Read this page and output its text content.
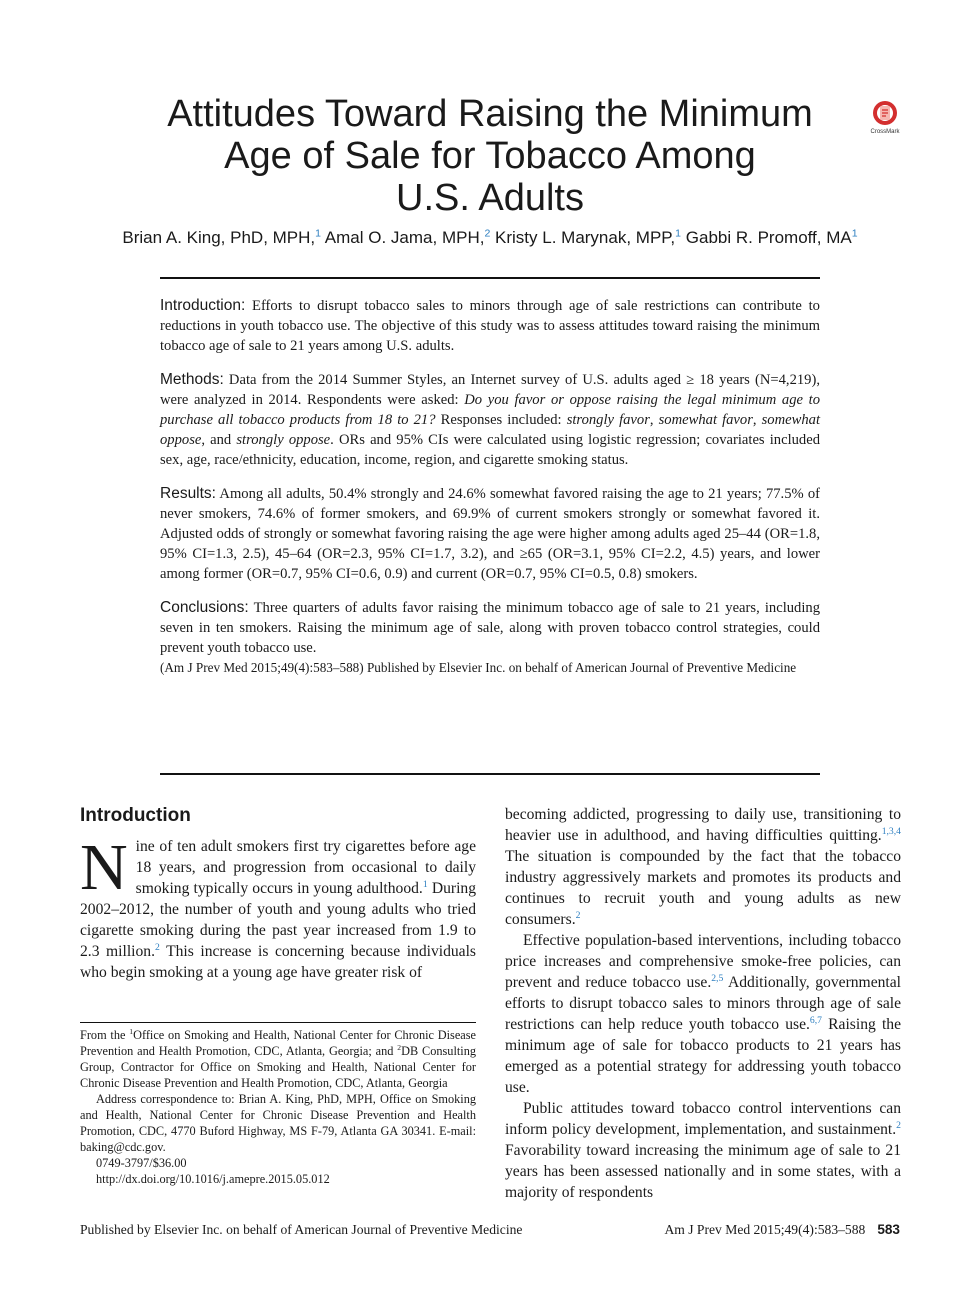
Attitudes Toward Raising the Minimum
Age of Sale for Tobacco Among
U.S. Adults
CrossMark
Brian A. King, PhD, MPH,$^1$ Amal O. Jama, MPH,$^2$ Kristy L. Marynak, MPP,$^1$ Gabbi R. Promoff, $MA^1$

Introduction: Efforts to disrupt tobacco sales to minors through age of sale restrictions can contribute to reductions in youth tobacco use. The objective of this study was to assess attitudes toward raising the minimum tobacco age of sale to 21 years among U.S. adults.

Methods: Data from the 2014 Summer Styles, an Internet survey of U.S. adults aged ≥ 18 years (N=4,219), were analyzed in 2014. Respondents were asked: Do you favor or oppose raising the legal minimum age to purchase all tobacco products from 18 to 21? Responses included: strongly favor, somewhat favor, somewhat oppose, and strongly oppose. ORs and 95% CIs were calculated using logistic regression; covariates included sex, age, race/ethnicity, education, income, region, and cigarette smoking status.

Results: Among all adults, 50.4% strongly and 24.6% somewhat favored raising the age to 21 years; 77.5% of never smokers, 74.6% of former smokers, and 69.9% of current smokers strongly or somewhat favored it. Adjusted odds of strongly or somewhat favoring raising the age were higher among adults aged 25–44 (OR=1.8, 95% CI=1.3, 2.5), 45–64 (OR=2.3, 95% CI=1.7, 3.2), and ≥65 (OR=3.1, 95% CI=2.2, 4.5) years, and lower among former (OR=0.7, 95% CI=0.6, 0.9) and current (OR=0.7, 95% CI=0.5, 0.8) smokers.

Conclusions: Three quarters of adults favor raising the minimum tobacco age of sale to 21 years, including seven in ten smokers. Raising the minimum age of sale, along with proven tobacco control strategies, could prevent youth tobacco use.

(Am J Prev Med 2015;49(4):583–588) Published by Elsevier Inc. on behalf of American Journal of Preventive Medicine

Introduction

Nine of ten adult smokers first try cigarettes before age 18 years, and progression from occasional to daily smoking typically occurs in young adulthood.$^1$ During 2002–2012, the number of youth and young adults who tried cigarette smoking during the past year increased from 1.9 to 2.3 million.$^2$ This increase is concerning because individuals who begin smoking at a young age have greater risk of

From the $^1$Office on Smoking and Health, National Center for Chronic Disease Prevention and Health Promotion, CDC, Atlanta, Georgia; and $^2$DB Consulting Group, Contractor for Office on Smoking and Health, National Center for Chronic Disease Prevention and Health Promotion, CDC, Atlanta, Georgia

Address correspondence to: Brian A. King, PhD, MPH, Office on Smoking and Health, National Center for Chronic Disease Prevention and Health Promotion, CDC, 4770 Buford Highway, MS F-79, Atlanta GA 30341. E-mail: baking@cdc.gov.

0749-3797/$36.00

http://dx.doi.org/10.1016/j.amepre.2015.05.012

becoming addicted, progressing to daily use, transitioning to heavier use in adulthood, and having difficulties quitting.$^{1,3,4}$ The situation is compounded by the fact that the tobacco industry aggressively markets and promotes its products and continues to recruit youth and young adults as new consumers.$^2$

Effective population-based interventions, including tobacco price increases and comprehensive smoke-free policies, can prevent and reduce tobacco use.$^{2,5}$ Additionally, governmental efforts to disrupt tobacco sales to minors through age of sale restrictions can help reduce youth tobacco use.$^{6,7}$ Raising the minimum age of sale for tobacco products to 21 years has emerged as a potential strategy for addressing youth tobacco use.

Public attitudes toward tobacco control interventions can inform policy development, implementation, and sustainment.$^2$ Favorability toward increasing the minimum age of sale to 21 years has been assessed nationally and in some states, with a majority of respondents

Published by Elsevier Inc. on behalf of American Journal of Preventive Medicine	Am J Prev Med 2015;49(4):583–588 583
